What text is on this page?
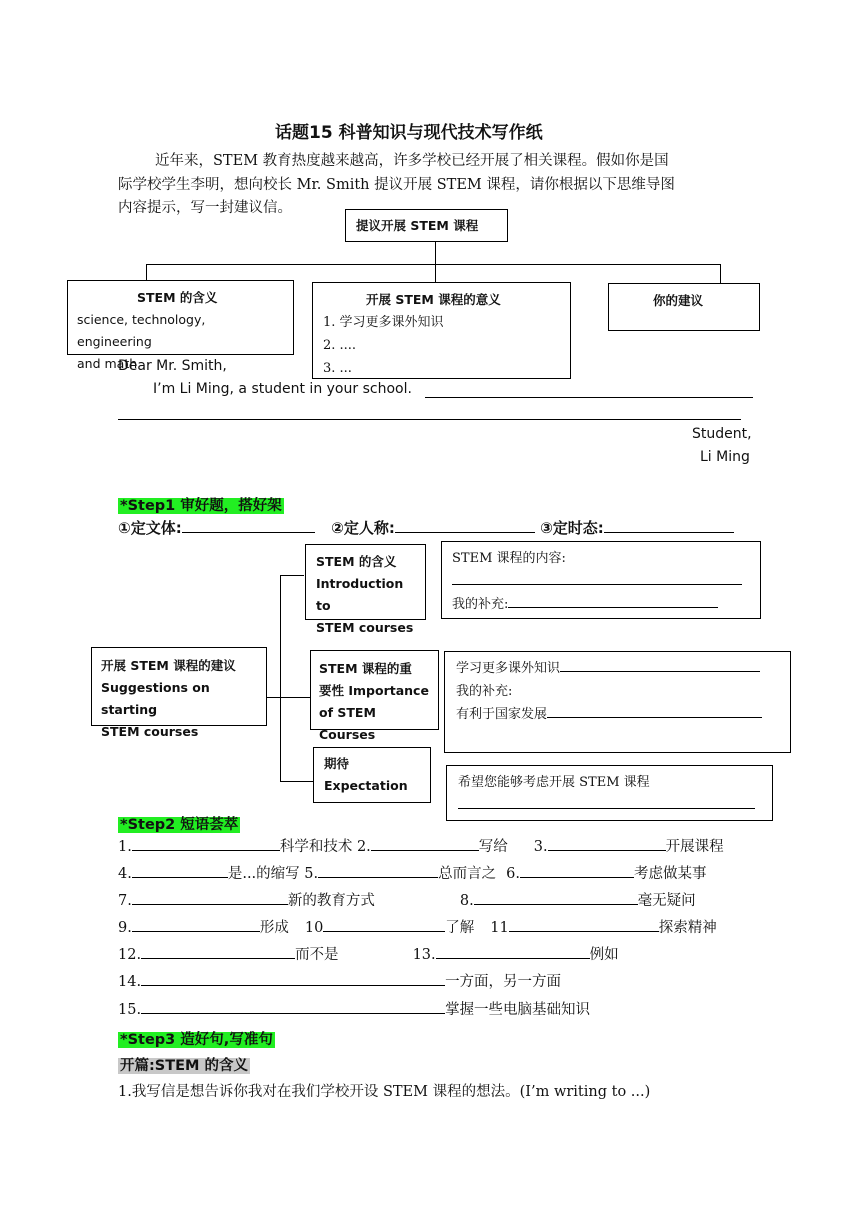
话题15 科普知识与现代技术写作纸
近年来，STEM 教育热度越来越高，许多学校已经开展了相关课程。假如你是国
际学校学生李明，想向校长 Mr. Smith 提议开展 STEM 课程，请你根据以下思维导图
内容提示，写一封建议信。
提议开展 STEM 课程
STEM 的含义
science, technology, engineering
and math
开展 STEM 课程的意义
1. 学习更多课外知识
2. ....
3. ...
你的建议
Dear Mr. Smith,
I’m Li Ming, a student in your school.
Student,
Li Ming
*Step1 审好题，搭好架
①定文体:	②定人称:	③定时态:
开展 STEM 课程的建议
Suggestions on starting
STEM courses
STEM 的含义
Introduction to
STEM courses
STEM 课程的重
要性 Importance
of STEM Courses
期待
Expectation
STEM 课程的内容:
我的补充:
学习更多课外知识
我的补充:
有利于国家发展
希望您能够考虑开展 STEM 课程
*Step2 短语荟萃
1.	科学和技术 2.	写给 3.	开展课程
4.	是...的缩写 5.	总而言之 6.	考虑做某事
7.	新的教育方式	8.	毫无疑问
9.	形成 10	了解 11	探索精神
12.	而不是	13.	例如
14.	一方面，另一方面
15.	掌握一些电脑基础知识
*Step3 造好句,写准句
开篇:STEM 的含义
1.我写信是想告诉你我对在我们学校开设 STEM 课程的想法。(I’m writing to ...)
